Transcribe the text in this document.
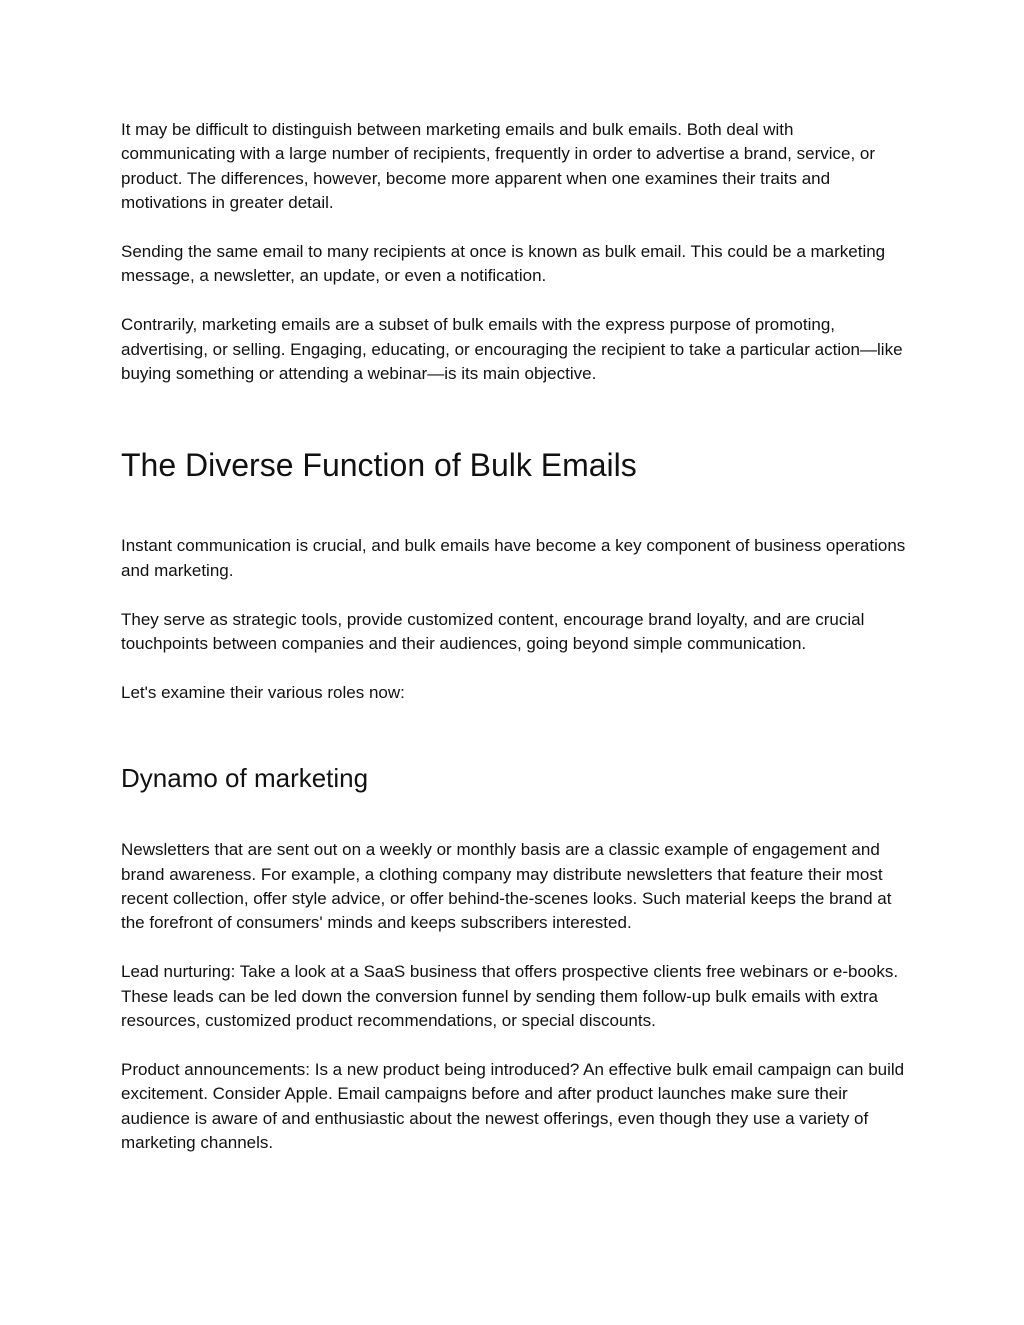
It may be difficult to distinguish between marketing emails and bulk emails. Both deal with communicating with a large number of recipients, frequently in order to advertise a brand, service, or product. The differences, however, become more apparent when one examines their traits and motivations in greater detail.

Sending the same email to many recipients at once is known as bulk email. This could be a marketing message, a newsletter, an update, or even a notification.

Contrarily, marketing emails are a subset of bulk emails with the express purpose of promoting, advertising, or selling. Engaging, educating, or encouraging the recipient to take a particular action—like buying something or attending a webinar—is its main objective.

The Diverse Function of Bulk Emails

Instant communication is crucial, and bulk emails have become a key component of business operations and marketing.

They serve as strategic tools, provide customized content, encourage brand loyalty, and are crucial touchpoints between companies and their audiences, going beyond simple communication.

Let's examine their various roles now:

Dynamo of marketing

Newsletters that are sent out on a weekly or monthly basis are a classic example of engagement and brand awareness. For example, a clothing company may distribute newsletters that feature their most recent collection, offer style advice, or offer behind-the-scenes looks. Such material keeps the brand at the forefront of consumers' minds and keeps subscribers interested.

Lead nurturing: Take a look at a SaaS business that offers prospective clients free webinars or e-books. These leads can be led down the conversion funnel by sending them follow-up bulk emails with extra resources, customized product recommendations, or special discounts.

Product announcements: Is a new product being introduced? An effective bulk email campaign can build excitement. Consider Apple. Email campaigns before and after product launches make sure their audience is aware of and enthusiastic about the newest offerings, even though they use a variety of marketing channels.
